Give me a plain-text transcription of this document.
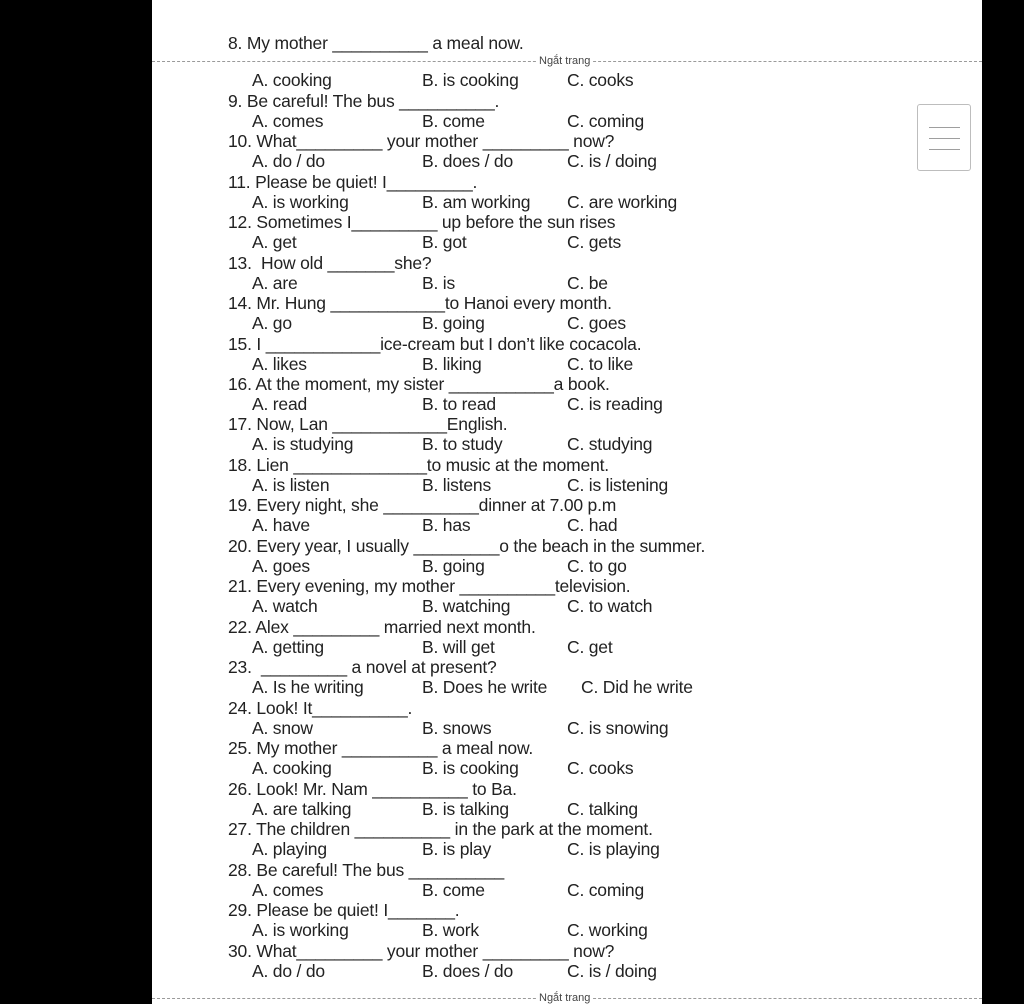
8. My mother __________ a meal now.
A. cooking	B. is cooking	C. cooks
9. Be careful! The bus __________.
A. comes	B. come	C. coming
10. What_________ your mother _________ now?
A. do / do	B. does / do	C. is / doing
11. Please be quiet! I_________.
A. is working	B. am working C. are working
12. Sometimes I_________ up before the sun rises
A. get	B. got	C. gets
13.  How old _______she?
A. are	B. is	C. be
14. Mr. Hung ____________to Hanoi every month.
A. go	B. going	C. goes
15. I ____________ice-cream but I don’t like cocacola.
A. likes	B. liking	C. to like
16. At the moment, my sister ___________a book.
A. read	B. to read	C. is reading
17. Now, Lan ____________English.
A. is studying	B. to study	C. studying
18. Lien ______________to music at the moment.
A. is listen	B. listens	C. is listening
19. Every night, she __________dinner at 7.00 p.m
A. have	B. has	C. had
20. Every year, I usually _________o the beach in the summer.
A. goes	B. going	C. to go
21. Every evening, my mother __________television.
A. watch	B. watching	C. to watch
22. Alex _________ married next month.
A. getting	B. will get	C. get
23.  _________ a novel at present?
A. Is he writing	B. Does he write C. Did he write
24. Look! It__________.
A. snow	B. snows	C. is snowing
25. My mother __________ a meal now.
A. cooking	B. is cooking	C. cooks
26. Look! Mr. Nam __________ to Ba.
A. are talking	B. is talking	C. talking
27. The children __________ in the park at the moment.
A. playing	B. is play	C. is playing
28. Be careful! The bus __________
A. comes	B. come	C. coming
29. Please be quiet! I_______.
A. is working	B. work	C. working
30. What_________ your mother _________ now?
A. do / do	B. does / do	C. is / doing
Ngắt trang
Ngắt trang
